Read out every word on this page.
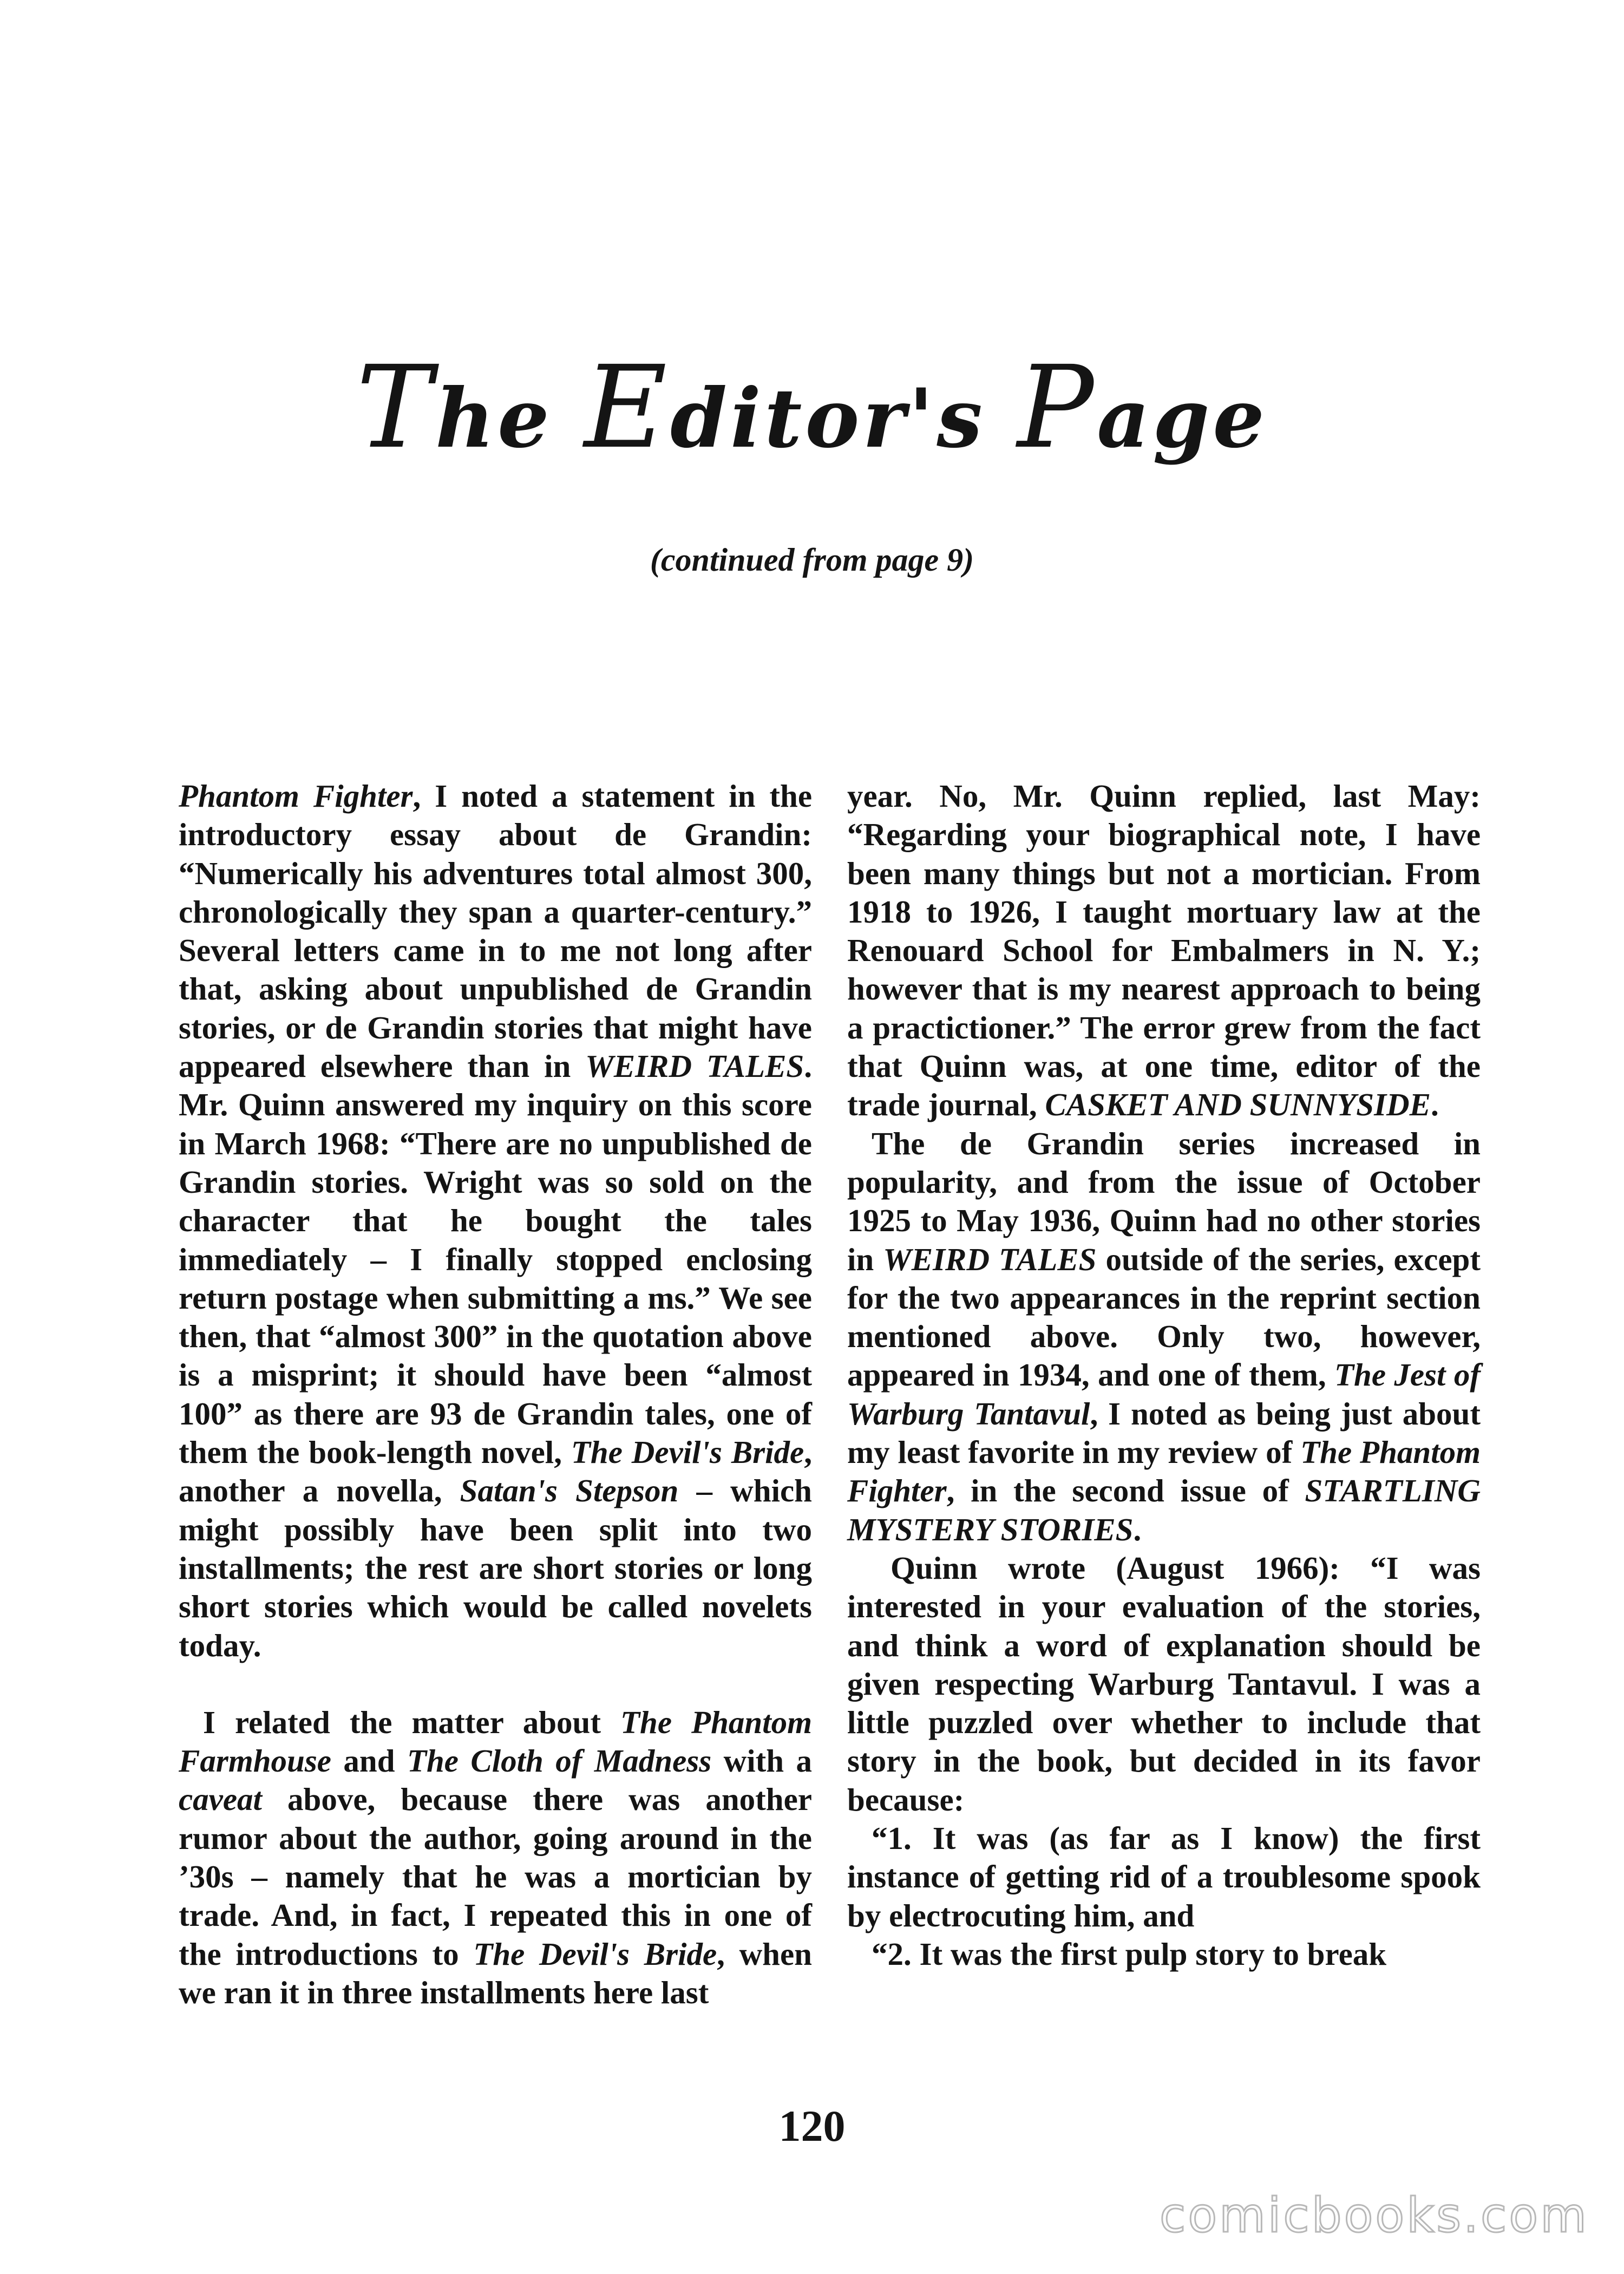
The Editor's Page
(continued from page 9)

Phantom Fighter, I noted a statement in the introductory essay about de Grandin: “Numerically his adventures total almost 300, chronologically they span a quarter-century.” Several letters came in to me not long after that, asking about unpublished de Grandin stories, or de Grandin stories that might have appeared elsewhere than in WEIRD TALES. Mr. Quinn answered my inquiry on this score in March 1968: “There are no unpublished de Grandin stories. Wright was so sold on the character that he bought the tales immediately – I finally stopped enclosing return postage when submitting a ms.” We see then, that “almost 300” in the quotation above is a misprint; it should have been “almost 100” as there are 93 de Grandin tales, one of them the book-length novel, The Devil's Bride, another a novella, Satan's Stepson – which might possibly have been split into two installments; the rest are short stories or long short stories which would be called novelets today.

I related the matter about The Phantom Farmhouse and The Cloth of Madness with a caveat above, because there was another rumor about the author, going around in the ’30s – namely that he was a mortician by trade. And, in fact, I repeated this in one of the introductions to The Devil's Bride, when we ran it in three installments here last

year. No, Mr. Quinn replied, last May: “Regarding your biographical note, I have been many things but not a mortician. From 1918 to 1926, I taught mortuary law at the Renouard School for Embalmers in N. Y.; however that is my nearest approach to being a practictioner.” The error grew from the fact that Quinn was, at one time, editor of the trade journal, CASKET AND SUNNYSIDE.

The de Grandin series increased in popularity, and from the issue of October 1925 to May 1936, Quinn had no other stories in WEIRD TALES outside of the series, except for the two appearances in the reprint section mentioned above. Only two, however, appeared in 1934, and one of them, The Jest of Warburg Tantavul, I noted as being just about my least favorite in my review of The Phantom Fighter, in the second issue of STARTLING MYSTERY STORIES.

Quinn wrote (August 1966): “I was interested in your evaluation of the stories, and think a word of explanation should be given respecting Warburg Tantavul. I was a little puzzled over whether to include that story in the book, but decided in its favor because:

“1. It was (as far as I know) the first instance of getting rid of a troublesome spook by electrocuting him, and

“2. It was the first pulp story to break

120
comicbooks.com
